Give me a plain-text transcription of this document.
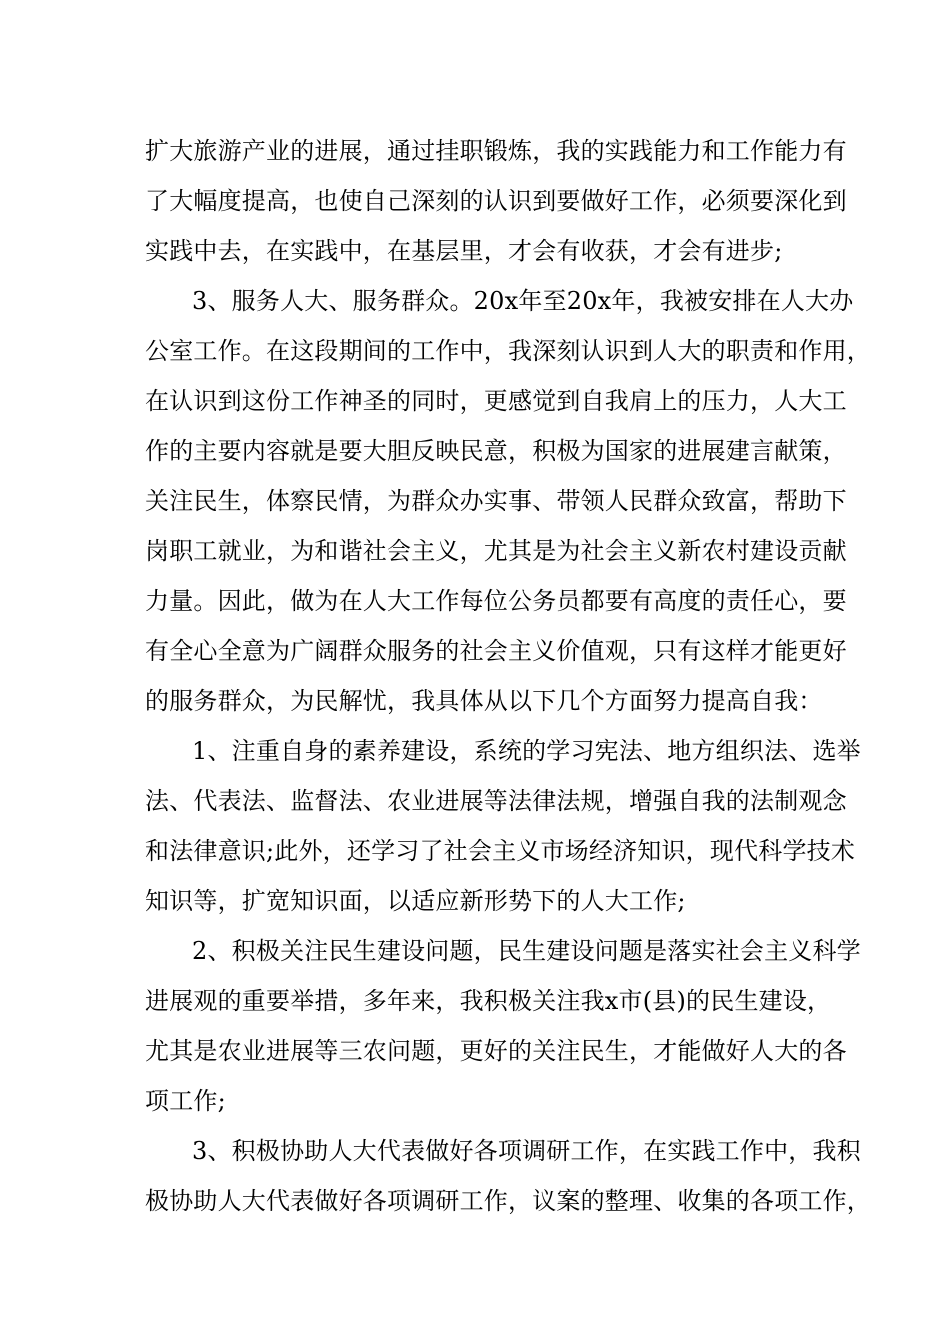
扩大旅游产业的进展，通过挂职锻炼，我的实践能力和工作能力有
了大幅度提高，也使自己深刻的认识到要做好工作，必须要深化到
实践中去，在实践中，在基层里，才会有收获，才会有进步;
3、服务人大、服务群众。20x年至20x年，我被安排在人大办
公室工作。在这段期间的工作中，我深刻认识到人大的职责和作用，
在认识到这份工作神圣的同时，更感觉到自我肩上的压力，人大工
作的主要内容就是要大胆反映民意，积极为国家的进展建言献策，
关注民生，体察民情，为群众办实事、带领人民群众致富，帮助下
岗职工就业，为和谐社会主义，尤其是为社会主义新农村建设贡献
力量。因此，做为在人大工作每位公务员都要有高度的责任心，要
有全心全意为广阔群众服务的社会主义价值观，只有这样才能更好
的服务群众，为民解忧，我具体从以下几个方面努力提高自我：
1、注重自身的素养建设，系统的学习宪法、地方组织法、选举
法、代表法、监督法、农业进展等法律法规，增强自我的法制观念
和法律意识;此外，还学习了社会主义市场经济知识，现代科学技术
知识等，扩宽知识面，以适应新形势下的人大工作;
2、积极关注民生建设问题，民生建设问题是落实社会主义科学
进展观的重要举措，多年来，我积极关注我x市(县)的民生建设，
尤其是农业进展等三农问题，更好的关注民生，才能做好人大的各
项工作;
3、积极协助人大代表做好各项调研工作，在实践工作中，我积
极协助人大代表做好各项调研工作，议案的整理、收集的各项工作，
